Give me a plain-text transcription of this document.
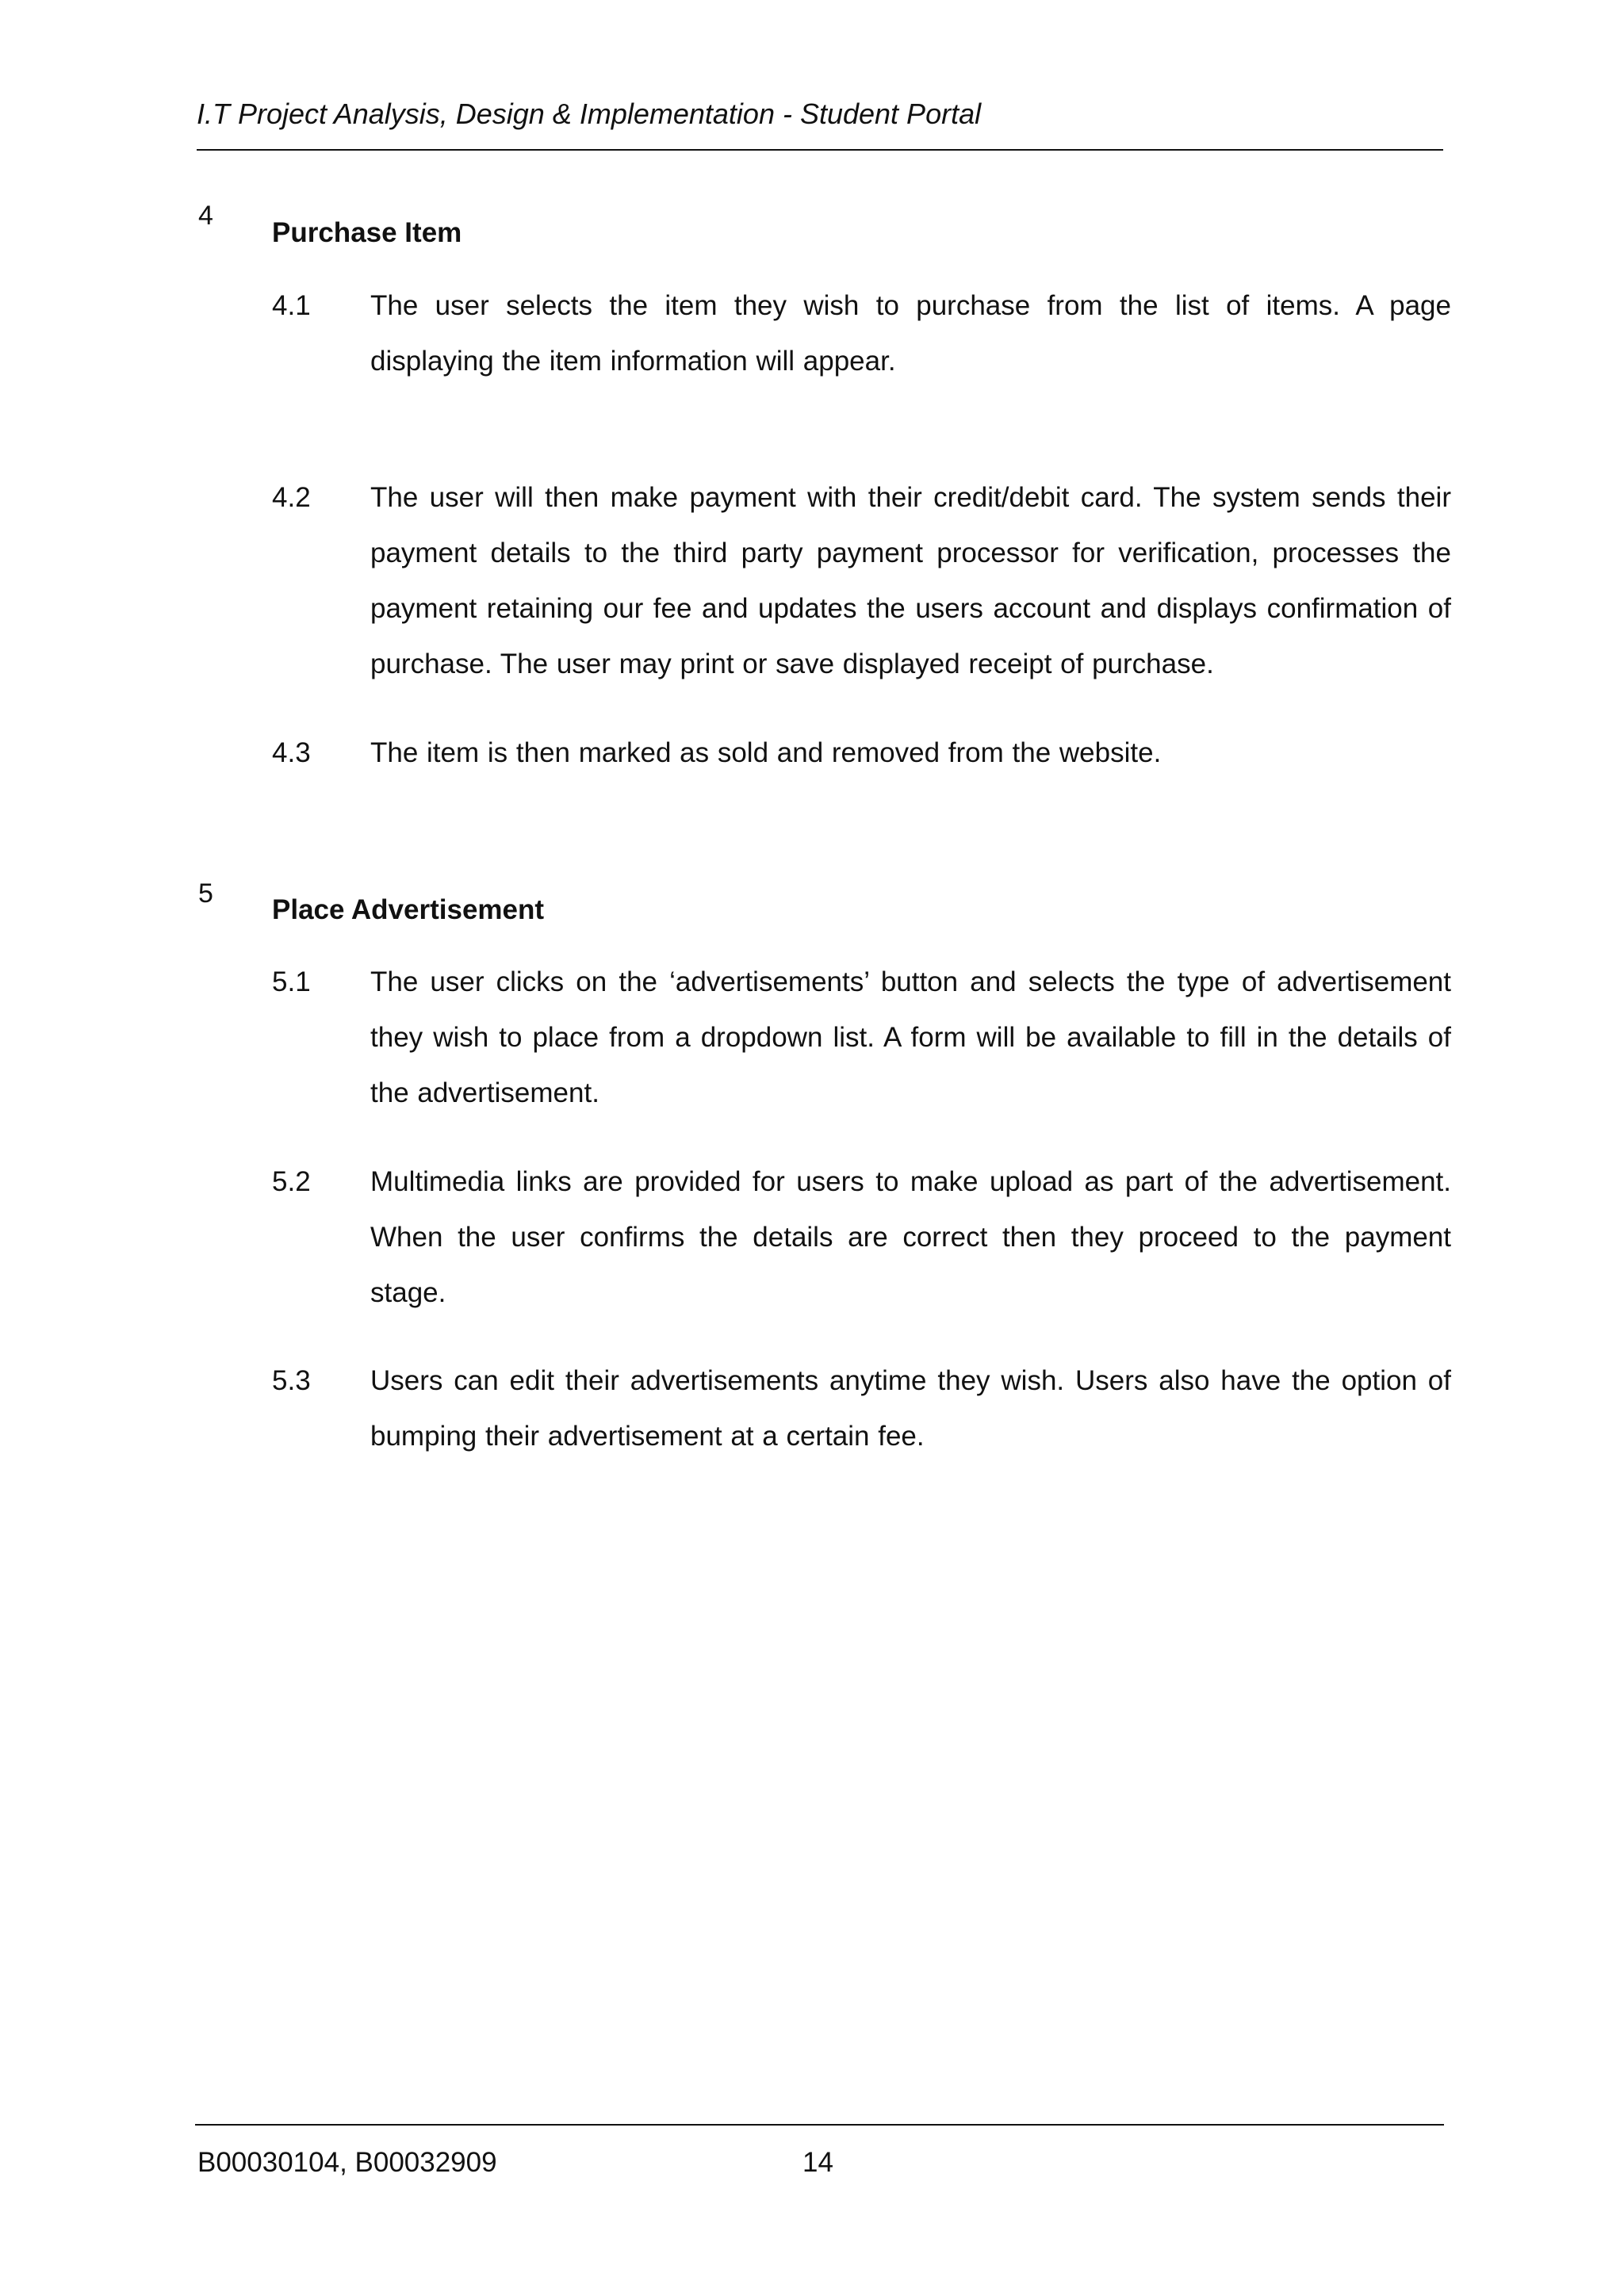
I.T Project Analysis, Design & Implementation - Student Portal
4
Purchase Item
4.1 The user selects the item they wish to purchase from the list of items. A page displaying the item information will appear.
4.2 The user will then make payment with their credit/debit card. The system sends their payment details to the third party payment processor for verification, processes the payment retaining our fee and updates the users account and displays confirmation of purchase. The user may print or save displayed receipt of purchase.
4.3 The item is then marked as sold and removed from the website.
5
Place Advertisement
5.1 The user clicks on the ‘advertisements’ button and selects the type of advertisement they wish to place from a dropdown list. A form will be available to fill in the details of the advertisement.
5.2 Multimedia links are provided for users to make upload as part of the advertisement. When the user confirms the details are correct then they proceed to the payment stage.
5.3 Users can edit their advertisements anytime they wish. Users also have the option of bumping their advertisement at a certain fee.
B00030104, B00032909	14
